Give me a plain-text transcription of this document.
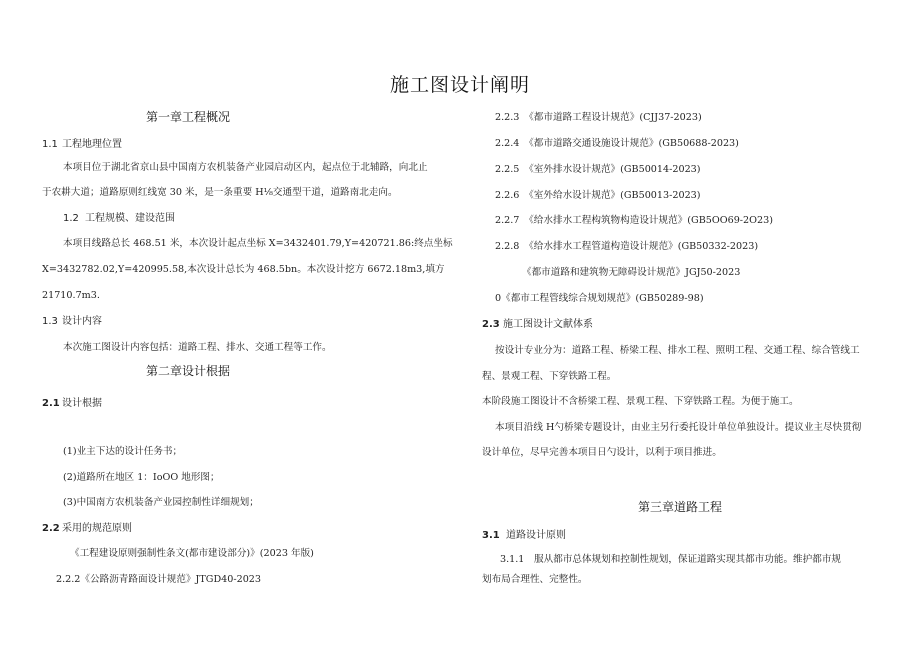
施工图设计阐明
第一章工程概况
1.1 工程地理位置
本项目位于湖北省京山县中国南方农机装备产业园启动区内，起点位于北辅路，向北止
于农耕大道；道路原则红线宽 30 米，是一条重要 H⅛交通型干道，道路南北走向。
1.2 工程规模、建设范围
本项目线路总长 468.51 米，本次设计起点坐标 X=3432401.79,Y=420721.86:终点坐标
X=3432782.02,Y=420995.58,本次设计总长为 468.5bn。本次设计挖方 6672.18m3,填方
21710.7m3.
1.3 设计内容
本次施工图设计内容包括：道路工程、排水、交通工程等工作。
第二章设计根据
2.1 设计根据
(1)业主下达的设计任务书；
(2)道路所在地区 1：IoOO 地形图；
(3)中国南方农机装备产业园控制性详细规划；
2.2 采用的规范原则
《工程建设原则强制性条文(都市建设部分)》(2023 年版)
2.2.2《公路沥青路面设计规范》JTGD40-2023
2.2.3　《都市道路工程设计规范》(CJJ37-2023)
2.2.4　《都市道路交通设施设计规范》(GB50688-2023)
2.2.5　《室外排水设计规范》(GB50014-2023)
2.2.6　《室外给水设计规范》(GB50013-2023)
2.2.7　《给水排水工程构筑物构造设计规范》(GB5OO69-2O23)
2.2.8　《给水排水工程管道构造设计规范》(GB50332-2023)
《都市道路和建筑物无障碍设计规范》JGJ50-2023
0《都市工程管线综合规划规范》(GB50289-98)
2.3 施工图设计文献体系
按设计专业分为：道路工程、桥梁工程、排水工程、照明工程、交通工程、综合管线工
程、景观工程、下穿铁路工程。
本阶段施工图设计不含桥梁工程、景观工程、下穿铁路工程。为便于施工。
本项目沿线 H勺桥梁专题设计，由业主另行委托设计单位单独设计。提议业主尽快贯彻
设计单位，尽早完善本项目日勺设计，以利于项目推进。
第三章道路工程
3.1 道路设计原则
3.1.1　服从都市总体规划和控制性规划，保证道路实现其都市功能。维护都市规
划布局合理性、完整性。
